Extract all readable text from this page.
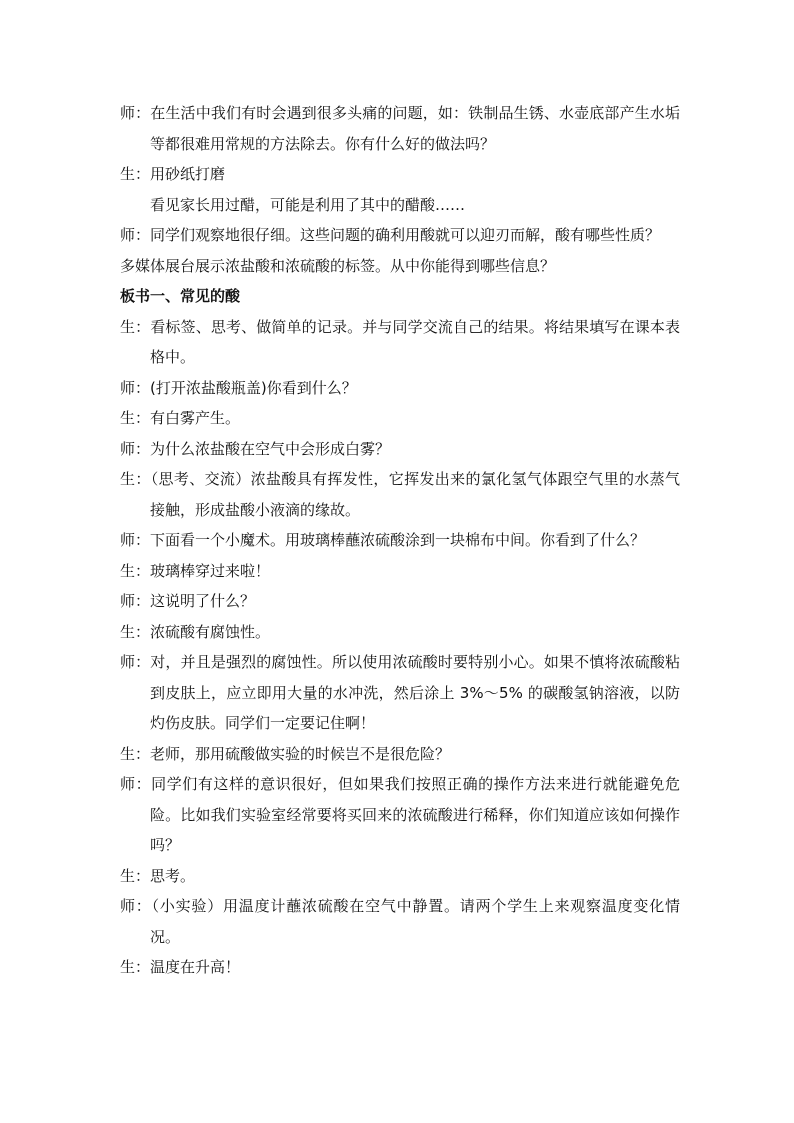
师：在生活中我们有时会遇到很多头痛的问题，如：铁制品生锈、水壶底部产生水垢等都很难用常规的方法除去。你有什么好的做法吗？
生：用砂纸打磨
看见家长用过醋，可能是利用了其中的醋酸……
师：同学们观察地很仔细。这些问题的确利用酸就可以迎刃而解，酸有哪些性质？
多媒体展台展示浓盐酸和浓硫酸的标签。从中你能得到哪些信息？
板书一、常见的酸
生：看标签、思考、做简单的记录。并与同学交流自己的结果。将结果填写在课本表格中。
师：(打开浓盐酸瓶盖)你看到什么？
生：有白雾产生。
师：为什么浓盐酸在空气中会形成白雾？
生：（思考、交流）浓盐酸具有挥发性，它挥发出来的氯化氢气体跟空气里的水蒸气接触，形成盐酸小液滴的缘故。
师：下面看一个小魔术。用玻璃棒蘸浓硫酸涂到一块棉布中间。你看到了什么？
生：玻璃棒穿过来啦！
师：这说明了什么？
生：浓硫酸有腐蚀性。
师：对，并且是强烈的腐蚀性。所以使用浓硫酸时要特别小心。如果不慎将浓硫酸粘到皮肤上，应立即用大量的水冲洗，然后涂上 3%～5% 的碳酸氢钠溶液，以防灼伤皮肤。同学们一定要记住啊！
生：老师，那用硫酸做实验的时候岂不是很危险？
师：同学们有这样的意识很好，但如果我们按照正确的操作方法来进行就能避免危险。比如我们实验室经常要将买回来的浓硫酸进行稀释，你们知道应该如何操作吗？
生：思考。
师：（小实验）用温度计蘸浓硫酸在空气中静置。请两个学生上来观察温度变化情况。
生：温度在升高！
